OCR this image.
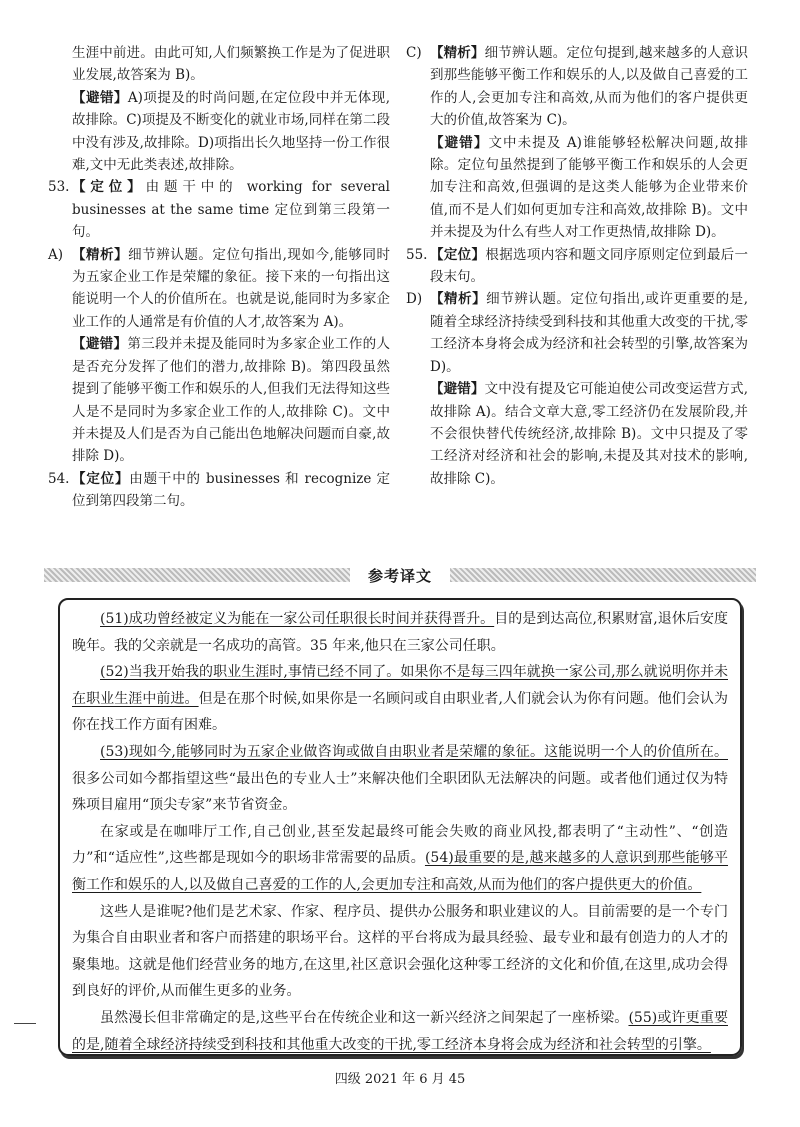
生涯中前进。由此可知,人们频繁换工作是为了促进职业发展,故答案为 B)。

【避错】A)项提及的时尚问题,在定位段中并无体现,故排除。C)项提及不断变化的就业市场,同样在第二段中没有涉及,故排除。D)项指出长久地坚持一份工作很难,文中无此类表述,故排除。

53. 【定位】由题干中的 working for several businesses at the same time 定位到第三段第一句。

A) 【精析】细节辨认题。定位句指出,现如今,能够同时为五家企业工作是荣耀的象征。接下来的一句指出这能说明一个人的价值所在。也就是说,能同时为多家企业工作的人通常是有价值的人才,故答案为 A)。

【避错】第三段并未提及能同时为多家企业工作的人是否充分发挥了他们的潜力,故排除 B)。第四段虽然提到了能够平衡工作和娱乐的人,但我们无法得知这些人是不是同时为多家企业工作的人,故排除 C)。文中并未提及人们是否为自己能出色地解决问题而自豪,故排除 D)。

54. 【定位】由题干中的 businesses 和 recognize 定位到第四段第二句。

C) 【精析】细节辨认题。定位句提到,越来越多的人意识到那些能够平衡工作和娱乐的人,以及做自己喜爱的工作的人,会更加专注和高效,从而为他们的客户提供更大的价值,故答案为 C)。

【避错】文中未提及 A)谁能够轻松解决问题,故排除。定位句虽然提到了能够平衡工作和娱乐的人会更加专注和高效,但强调的是这类人能够为企业带来价值,而不是人们如何更加专注和高效,故排除 B)。文中并未提及为什么有些人对工作更热情,故排除 D)。

55. 【定位】根据选项内容和题文同序原则定位到最后一段末句。

D) 【精析】细节辨认题。定位句指出,或许更重要的是,随着全球经济持续受到科技和其他重大改变的干扰,零工经济本身将会成为经济和社会转型的引擎,故答案为 D)。

【避错】文中没有提及它可能迫使公司改变运营方式,故排除 A)。结合文章大意,零工经济仍在发展阶段,并不会很快替代传统经济,故排除 B)。文中只提及了零工经济对经济和社会的影响,未提及其对技术的影响,故排除 C)。

参考译文

(51)成功曾经被定义为能在一家公司任职很长时间并获得晋升。目的是到达高位,积累财富,退休后安度晚年。我的父亲就是一名成功的高管。35 年来,他只在三家公司任职。

(52)当我开始我的职业生涯时,事情已经不同了。如果你不是每三四年就换一家公司,那么就说明你并未在职业生涯中前进。但是在那个时候,如果你是一名顾问或自由职业者,人们就会认为你有问题。他们会认为你在找工作方面有困难。

(53)现如今,能够同时为五家企业做咨询或做自由职业者是荣耀的象征。这能说明一个人的价值所在。很多公司如今都指望这些“最出色的专业人士”来解决他们全职团队无法解决的问题。或者他们通过仅为特殊项目雇用“顶尖专家”来节省资金。

在家或是在咖啡厅工作,自己创业,甚至发起最终可能会失败的商业风投,都表明了“主动性”、“创造力”和“适应性”,这些都是现如今的职场非常需要的品质。(54)最重要的是,越来越多的人意识到那些能够平衡工作和娱乐的人,以及做自己喜爱的工作的人,会更加专注和高效,从而为他们的客户提供更大的价值。

这些人是谁呢?他们是艺术家、作家、程序员、提供办公服务和职业建议的人。目前需要的是一个专门为集合自由职业者和客户而搭建的职场平台。这样的平台将成为最具经验、最专业和最有创造力的人才的聚集地。这就是他们经营业务的地方,在这里,社区意识会强化这种零工经济的文化和价值,在这里,成功会得到良好的评价,从而催生更多的业务。

虽然漫长但非常确定的是,这些平台在传统企业和这一新兴经济之间架起了一座桥梁。(55)或许更重要的是,随着全球经济持续受到科技和其他重大改变的干扰,零工经济本身将会成为经济和社会转型的引擎。

四级 2021 年 6 月 45
